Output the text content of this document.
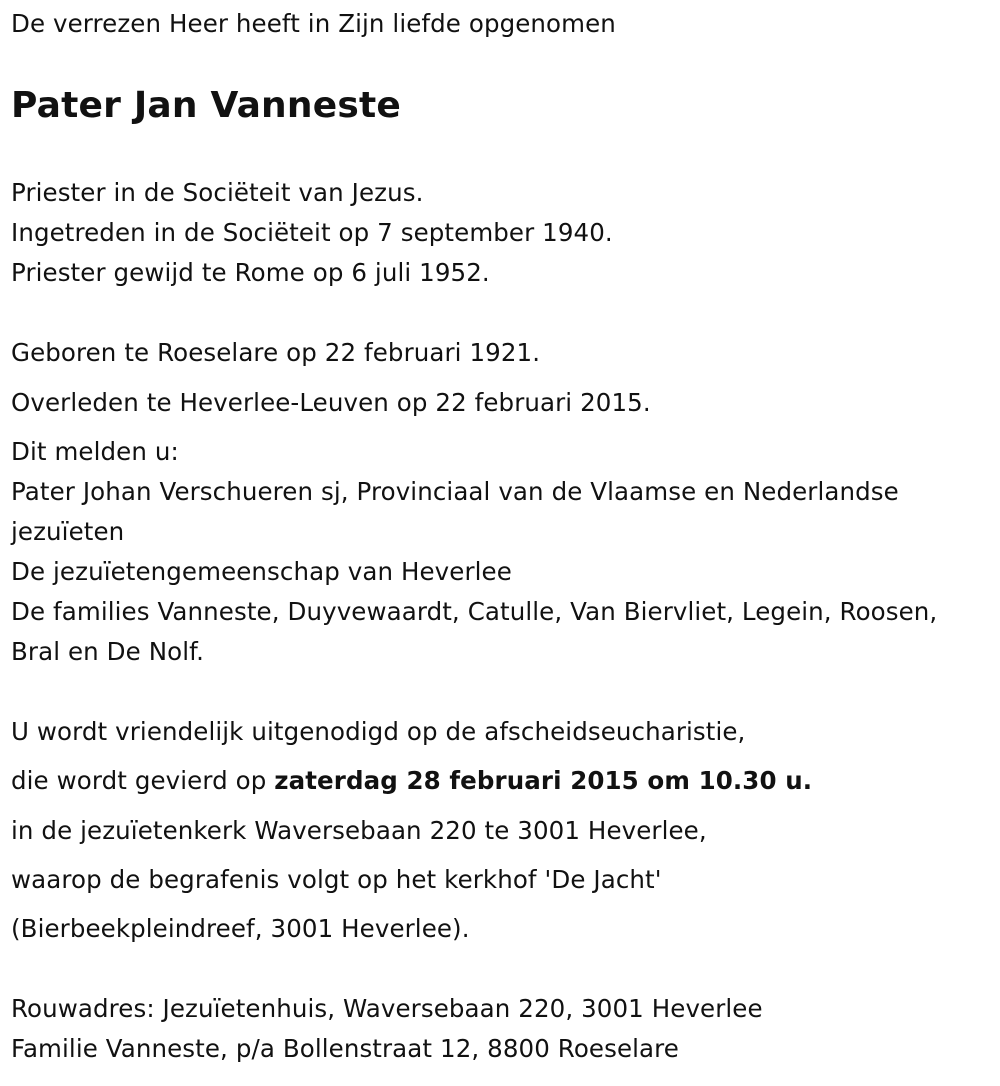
De verrezen Heer heeft in Zijn liefde opgenomen
Pater Jan Vanneste
Priester in de Sociëteit van Jezus.
Ingetreden in de Sociëteit op 7 september 1940.
Priester gewijd te Rome op 6 juli 1952.
Geboren te Roeselare op 22 februari 1921.
Overleden te Heverlee-Leuven op 22 februari 2015.
Dit melden u:
Pater Johan Verschueren sj, Provinciaal van de Vlaamse en Nederlandse
jezuïeten
De jezuïetengemeenschap van Heverlee
De families Vanneste, Duyvewaardt, Catulle, Van Biervliet, Legein, Roosen,
Bral en De Nolf.
U wordt vriendelijk uitgenodigd op de afscheidseucharistie,
die wordt gevierd op zaterdag 28 februari 2015 om 10.30 u.
in de jezuïetenkerk Waversebaan 220 te 3001 Heverlee,
waarop de begrafenis volgt op het kerkhof 'De Jacht'
(Bierbeekpleindreef, 3001 Heverlee).
Rouwadres: Jezuïetenhuis, Waversebaan 220, 3001 Heverlee
Familie Vanneste, p/a Bollenstraat 12, 8800 Roeselare
